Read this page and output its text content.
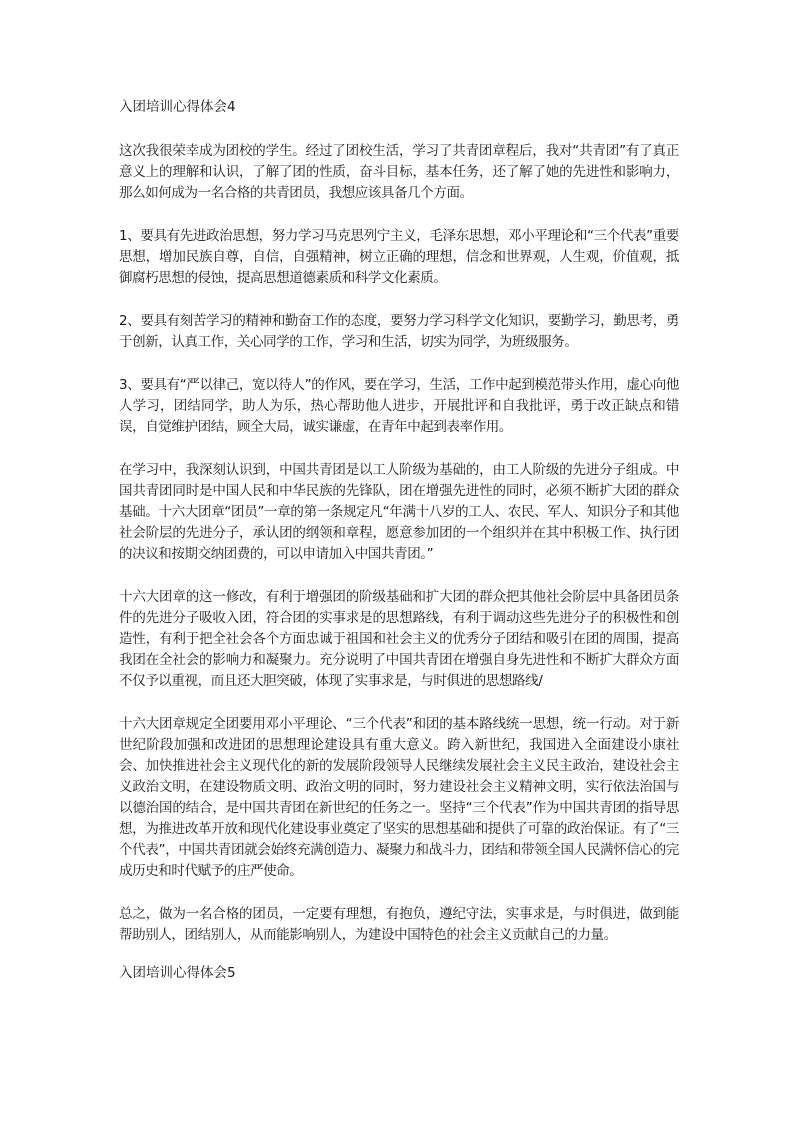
入团培训心得体会4

这次我很荣幸成为团校的学生。经过了团校生活，学习了共青团章程后，我对“共青团”有了真正意义上的理解和认识，了解了团的性质，奋斗目标，基本任务，还了解了她的先进性和影响力，那么如何成为一名合格的共青团员，我想应该具备几个方面。

1、要具有先进政治思想，努力学习马克思列宁主义，毛泽东思想，邓小平理论和“三个代表”重要思想，增加民族自尊，自信，自强精神，树立正确的理想，信念和世界观，人生观，价值观，抵御腐朽思想的侵蚀，提高思想道德素质和科学文化素质。

2、要具有刻苦学习的精神和勤奋工作的态度，要努力学习科学文化知识，要勤学习，勤思考，勇于创新，认真工作，关心同学的工作，学习和生活，切实为同学，为班级服务。

3、要具有“严以律己，宽以待人”的作风，要在学习，生活，工作中起到模范带头作用，虚心向他人学习，团结同学，助人为乐，热心帮助他人进步，开展批评和自我批评，勇于改正缺点和错误，自觉维护团结，顾全大局，诚实谦虚，在青年中起到表率作用。

在学习中，我深刻认识到，中国共青团是以工人阶级为基础的，由工人阶级的先进分子组成。中国共青团同时是中国人民和中华民族的先锋队，团在增强先进性的同时，必须不断扩大团的群众基础。十六大团章“团员”一章的第一条规定凡“年满十八岁的工人、农民、军人、知识分子和其他社会阶层的先进分子，承认团的纲领和章程，愿意参加团的一个组织并在其中积极工作、执行团的决议和按期交纳团费的，可以申请加入中国共青团。”

十六大团章的这一修改，有利于增强团的阶级基础和扩大团的群众把其他社会阶层中具备团员条件的先进分子吸收入团，符合团的实事求是的思想路线，有利于调动这些先进分子的积极性和创造性，有利于把全社会各个方面忠诚于祖国和社会主义的优秀分子团结和吸引在团的周围，提高我团在全社会的影响力和凝聚力。充分说明了中国共青团在增强自身先进性和不断扩大群众方面不仅予以重视，而且还大胆突破，体现了实事求是，与时俱进的思想路线/

十六大团章规定全团要用邓小平理论、“三个代表”和团的基本路线统一思想，统一行动。对于新世纪阶段加强和改进团的思想理论建设具有重大意义。跨入新世纪，我国进入全面建设小康社会、加快推进社会主义现代化的新的发展阶段领导人民继续发展社会主义民主政治，建设社会主义政治文明，在建设物质文明、政治文明的同时，努力建设社会主义精神文明，实行依法治国与以德治国的结合，是中国共青团在新世纪的任务之一。坚持“三个代表”作为中国共青团的指导思想，为推进改革开放和现代化建设事业奠定了坚实的思想基础和提供了可靠的政治保证。有了“三个代表”，中国共青团就会始终充满创造力、凝聚力和战斗力，团结和带领全国人民满怀信心的完成历史和时代赋予的庄严使命。

总之，做为一名合格的团员，一定要有理想，有抱负，遵纪守法，实事求是，与时俱进，做到能帮助别人，团结别人，从而能影响别人，为建设中国特色的社会主义贡献自己的力量。

入团培训心得体会5
